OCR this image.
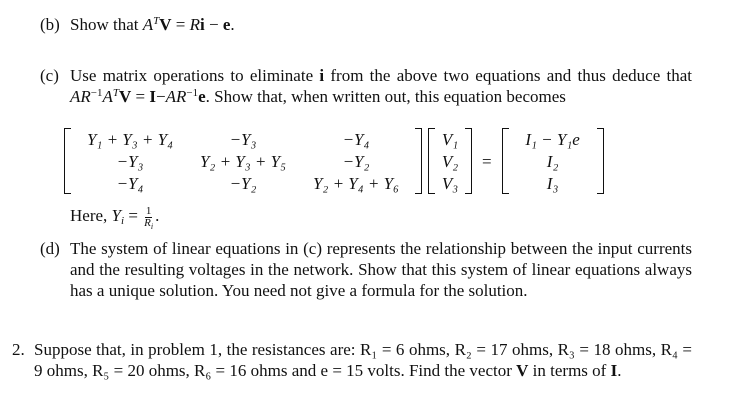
(b) Show that $A^TV = Ri - e$.
(c) Use matrix operations to eliminate i from the above two equations and thus deduce that $AR^{-1}A^TV = I-AR^{-1}e$. Show that, when written out, this equation becomes
Y₁ + Y₃ + Y₄	−Y₃	−Y₄
−Y₃	Y₂ + Y₃ + Y₅	−Y₂
−Y₄	−Y₂	Y₂ + Y₄ + Y₆
V₁
V₂
V₃
=
I₁ − Y₁e
I₂
I₃
Here, $Y_i = \frac{1}{R_i}$ .
(d) The system of linear equations in (c) represents the relationship between the input currents and the resulting voltages in the network. Show that this system of linear equations always has a unique solution. You need not give a formula for the solution.
2. Suppose that, in problem 1, the resistances are: R₁ = 6 ohms, R₂ = 17 ohms, R₃ = 18 ohms, R₄ = 9 ohms, R₅ = 20 ohms, R₆ = 16 ohms and e = 15 volts. Find the vector V in terms of I.
